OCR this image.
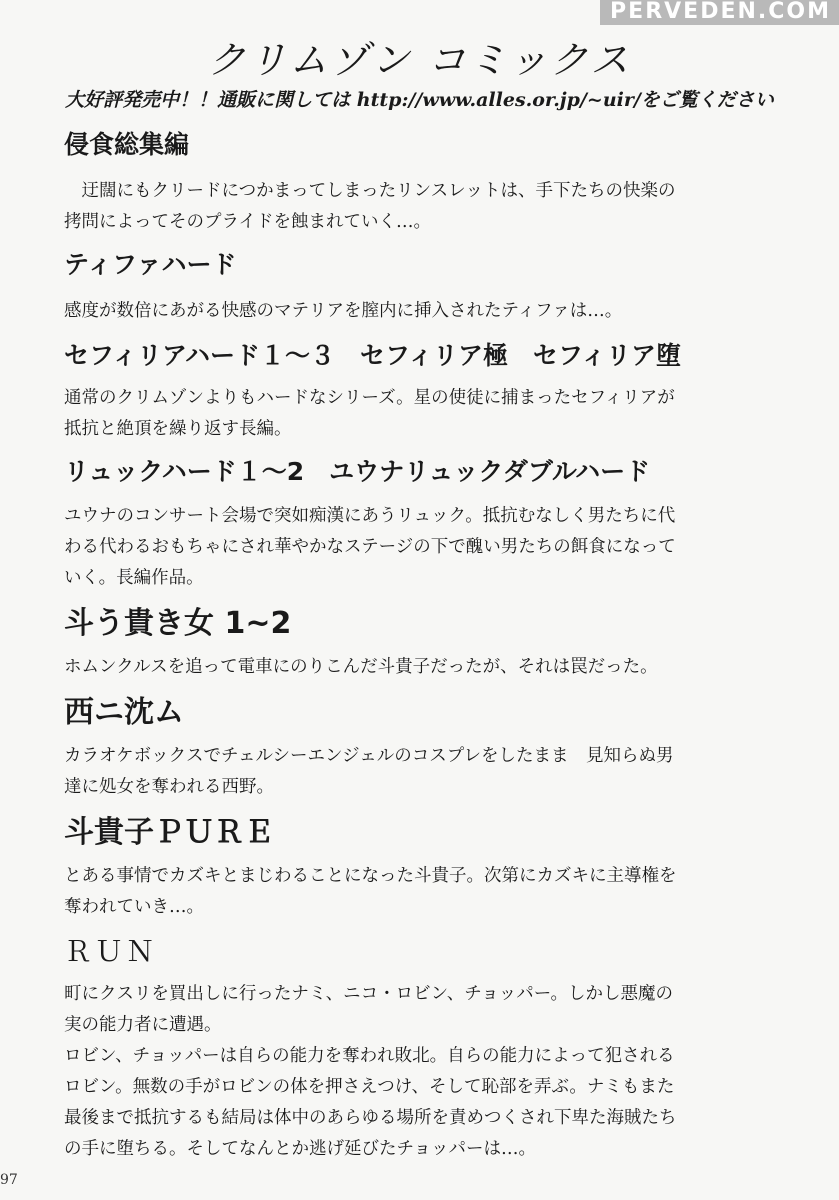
PERVEDEN.COM
クリムゾン コミックス
大好評発売中！！通販に関しては http://www.alles.or.jp/~uir/をご覧ください
侵食総集編

迂闊にもクリードにつかまってしまったリンスレットは、手下たちの快楽の

拷問によってそのプライドを蝕まれていく…。

ティファハード

感度が数倍にあがる快感のマテリアを膣内に挿入されたティファは…。

セフィリアハード１～３　セフィリア極　セフィリア堕

通常のクリムゾンよりもハードなシリーズ。星の使徒に捕まったセフィリアが

抵抗と絶頂を繰り返す長編。

リュックハード１～2　ユウナリュックダブルハード

ユウナのコンサート会場で突如痴漢にあうリュック。抵抗むなしく男たちに代

わる代わるおもちゃにされ華やかなステージの下で醜い男たちの餌食になって

いく。長編作品。

斗う貴き女 1~2

ホムンクルスを追って電車にのりこんだ斗貴子だったが、それは罠だった。

西ニ沈ム

カラオケボックスでチェルシーエンジェルのコスプレをしたまま　見知らぬ男

達に処女を奪われる西野。

斗貴子ＰＵＲＥ

とある事情でカズキとまじわることになった斗貴子。次第にカズキに主導権を

奪われていき…。

ＲＵＮ

町にクスリを買出しに行ったナミ、ニコ・ロビン、チョッパー。しかし悪魔の

実の能力者に遭遇。

ロビン、チョッパーは自らの能力を奪われ敗北。自らの能力によって犯される

ロビン。無数の手がロビンの体を押さえつけ、そして恥部を弄ぶ。ナミもまた

最後まで抵抗するも結局は体中のあらゆる場所を責めつくされ下卑た海賊たち

の手に堕ちる。そしてなんとか逃げ延びたチョッパーは…。

97
